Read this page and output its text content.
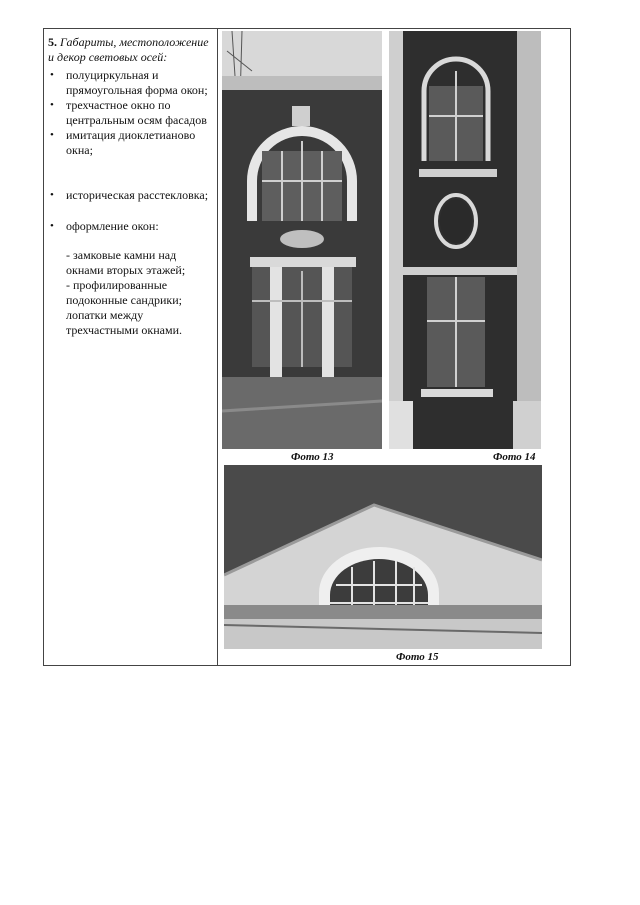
5. Габариты, местоположение и декор световых осей:
• полуциркульная и прямоугольная форма окон;
• трехчастное окно по центральным осям фасадов
• имитация диоклетианово окна;
• историческая расстекловка;
• оформление окон:
- замковые камни над окнами вторых этажей;
- профилированные подоконные сандрики; лопатки между трехчастными окнами.
Фото 13	Фото 14
Фото 15
